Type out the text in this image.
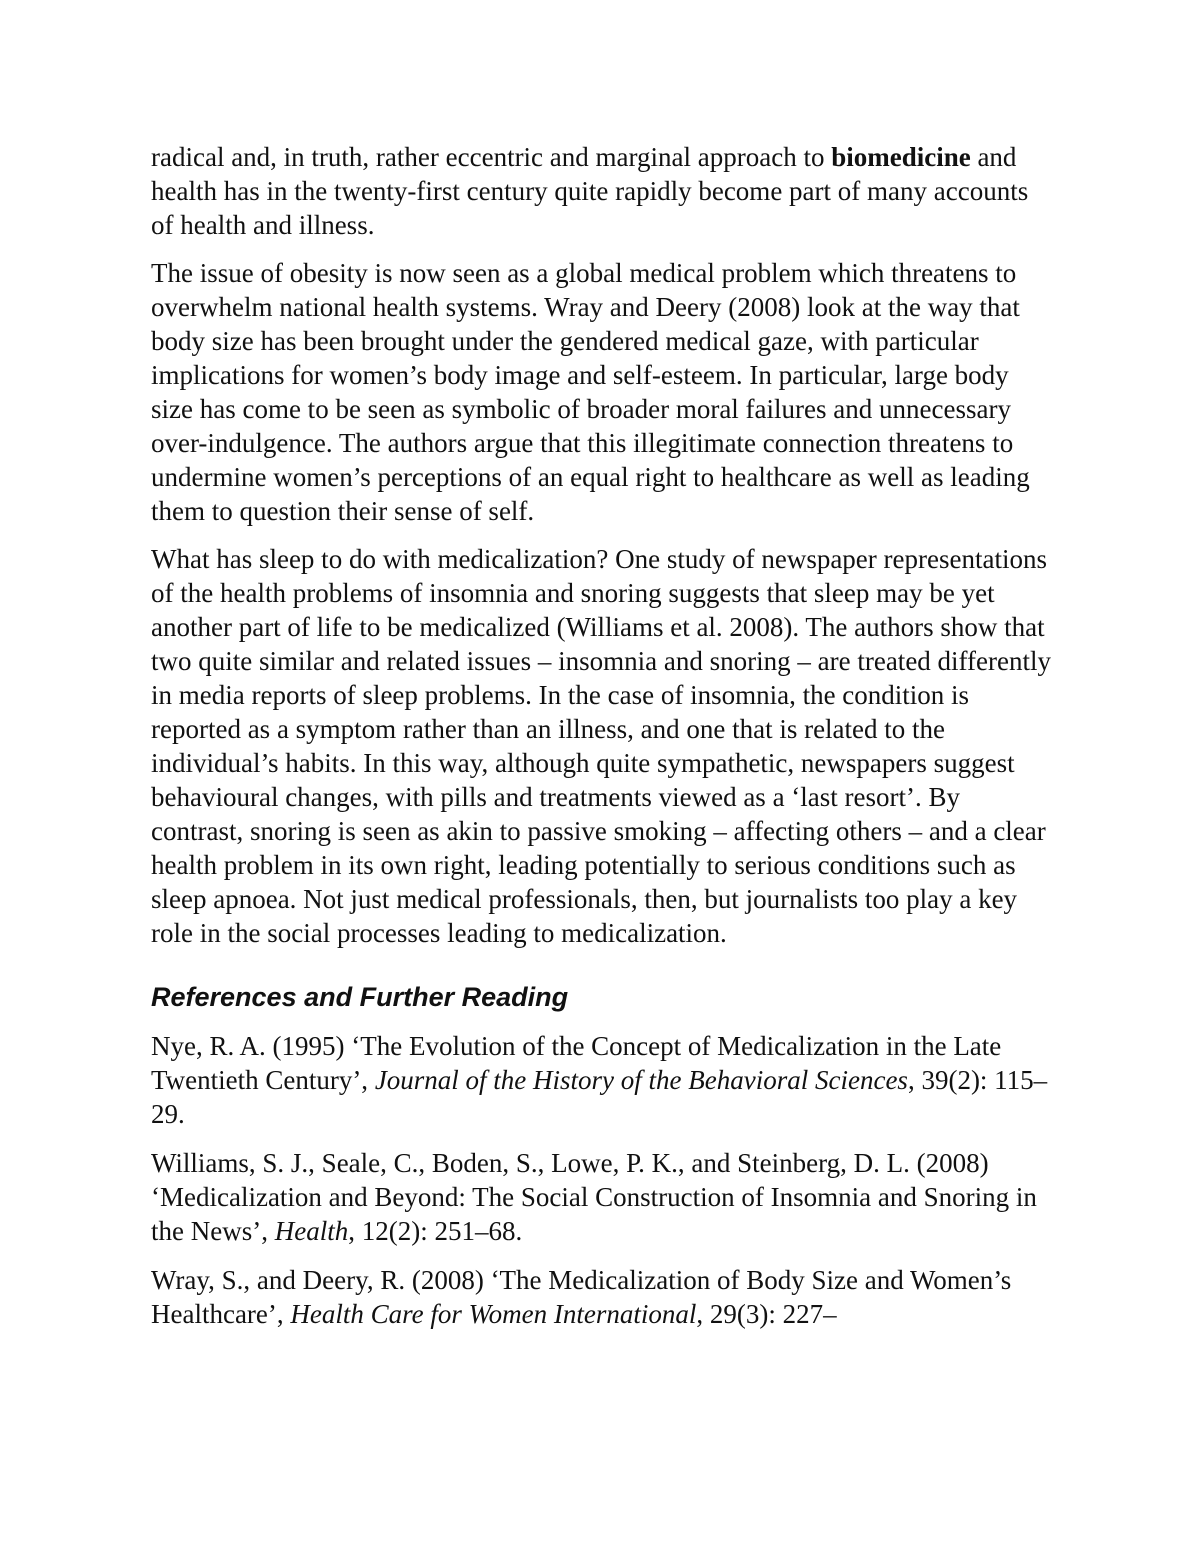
radical and, in truth, rather eccentric and marginal approach to biomedicine and health has in the twenty-first century quite rapidly become part of many accounts of health and illness.

The issue of obesity is now seen as a global medical problem which threatens to overwhelm national health systems. Wray and Deery (2008) look at the way that body size has been brought under the gendered medical gaze, with particular implications for women’s body image and self-esteem. In particular, large body size has come to be seen as symbolic of broader moral failures and unnecessary over-indulgence. The authors argue that this illegitimate connection threatens to undermine women’s perceptions of an equal right to healthcare as well as leading them to question their sense of self.

What has sleep to do with medicalization? One study of newspaper representations of the health problems of insomnia and snoring suggests that sleep may be yet another part of life to be medicalized (Williams et al. 2008). The authors show that two quite similar and related issues – insomnia and snoring – are treated differently in media reports of sleep problems. In the case of insomnia, the condition is reported as a symptom rather than an illness, and one that is related to the individual’s habits. In this way, although quite sympathetic, newspapers suggest behavioural changes, with pills and treatments viewed as a ‘last resort’. By contrast, snoring is seen as akin to passive smoking – affecting others – and a clear health problem in its own right, leading potentially to serious conditions such as sleep apnoea. Not just medical professionals, then, but journalists too play a key role in the social processes leading to medicalization.

References and Further Reading

Nye, R. A. (1995) ‘The Evolution of the Concept of Medicalization in the Late Twentieth Century’, Journal of the History of the Behavioral Sciences, 39(2): 115–29.

Williams, S. J., Seale, C., Boden, S., Lowe, P. K., and Steinberg, D. L. (2008) ‘Medicalization and Beyond: The Social Construction of Insomnia and Snoring in the News’, Health, 12(2): 251–68.

Wray, S., and Deery, R. (2008) ‘The Medicalization of Body Size and Women’s Healthcare’, Health Care for Women International, 29(3): 227–
